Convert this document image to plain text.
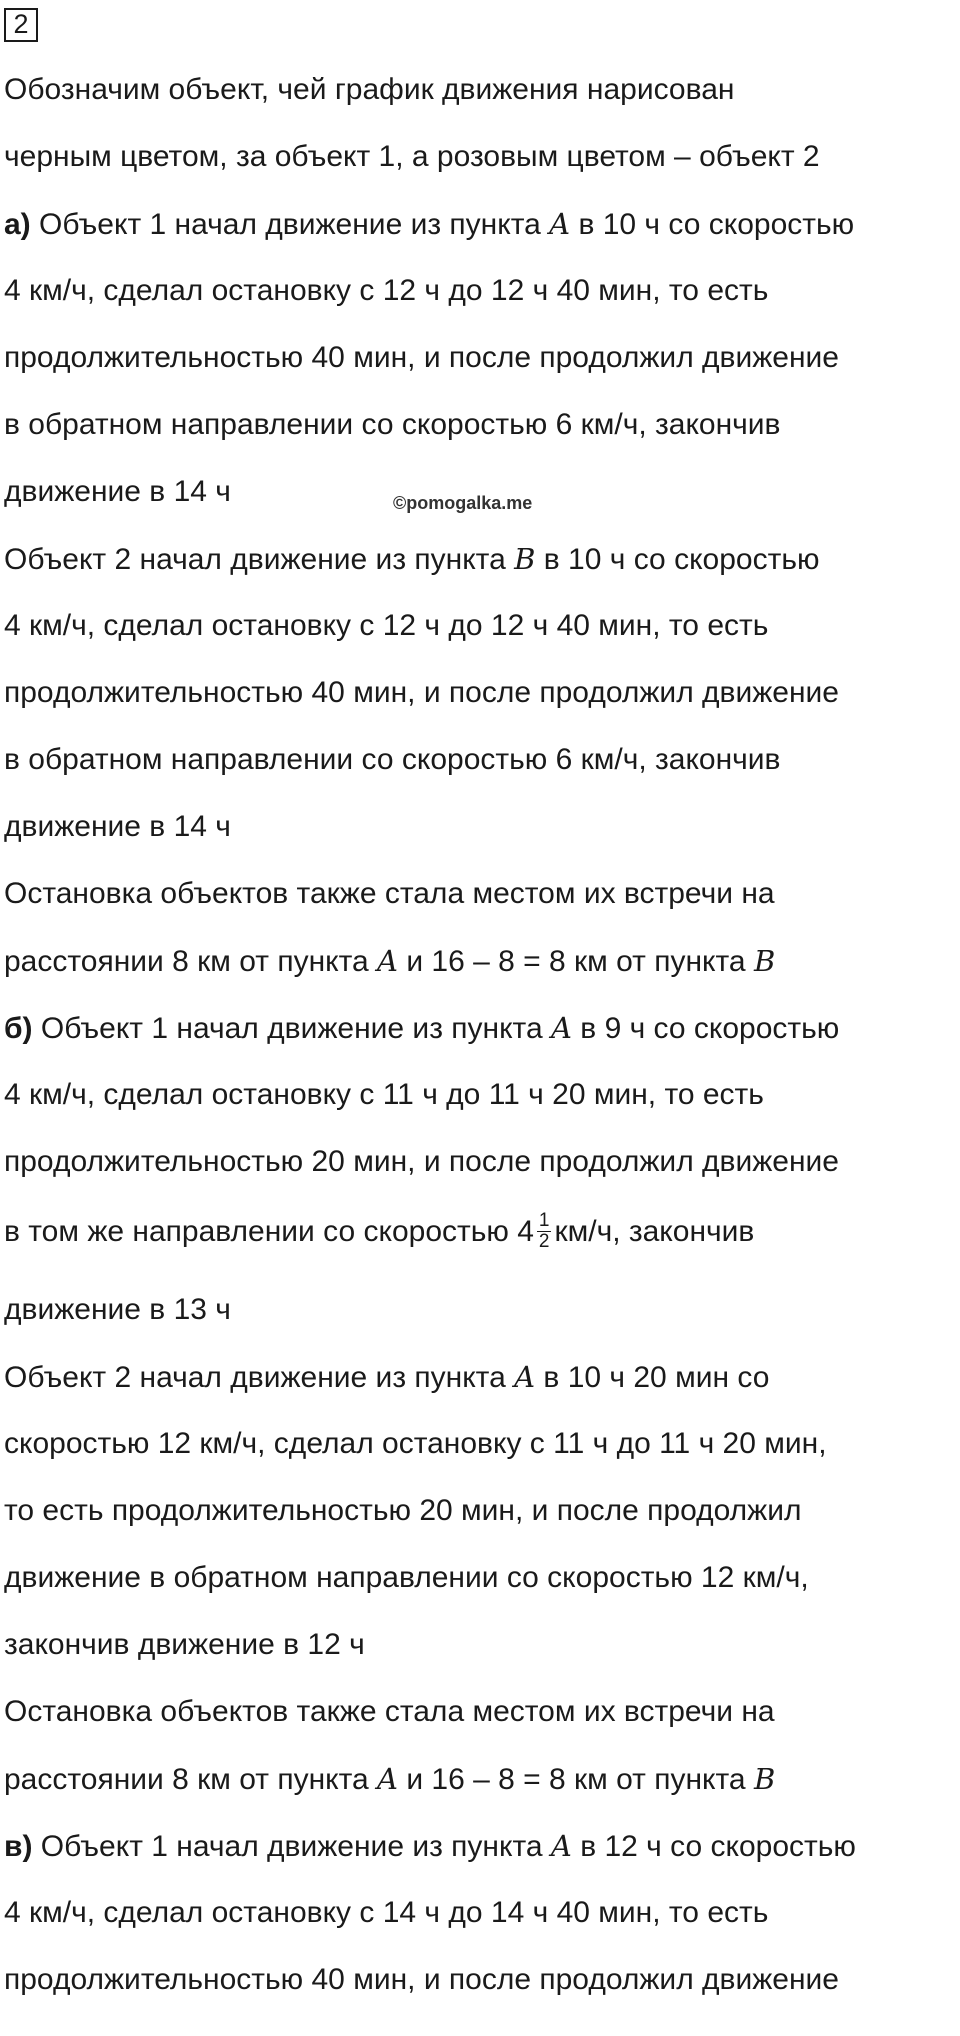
2
Обозначим объект, чей график движения нарисован
черным цветом, за объект 1, а розовым цветом – объект 2
а) Объект 1 начал движение из пункта A в 10 ч со скоростью
4 км/ч, сделал остановку с 12 ч до 12 ч 40 мин, то есть
продолжительностью 40 мин, и после продолжил движение
в обратном направлении со скоростью 6 км/ч, закончив
движение в 14 ч	©pomogalka.me
Объект 2 начал движение из пункта B в 10 ч со скоростью
4 км/ч, сделал остановку с 12 ч до 12 ч 40 мин, то есть
продолжительностью 40 мин, и после продолжил движение
в обратном направлении со скоростью 6 км/ч, закончив
движение в 14 ч
Остановка объектов также стала местом их встречи на
расстоянии 8 км от пункта A и 16 – 8 = 8 км от пункта B
б) Объект 1 начал движение из пункта A в 9 ч со скоростью
4 км/ч, сделал остановку с 11 ч до 11 ч 20 мин, то есть
продолжительностью 20 мин, и после продолжил движение
в том же направлении со скоростью $4 \frac{1}{2} км/ч$, закончив
движение в 13 ч
Объект 2 начал движение из пункта A в 10 ч 20 мин со
скоростью 12 км/ч, сделал остановку с 11 ч до 11 ч 20 мин,
то есть продолжительностью 20 мин, и после продолжил
движение в обратном направлении со скоростью 12 км/ч,
закончив движение в 12 ч
Остановка объектов также стала местом их встречи на
расстоянии 8 км от пункта A и 16 – 8 = 8 км от пункта B
в) Объект 1 начал движение из пункта A в 12 ч со скоростью
4 км/ч, сделал остановку с 14 ч до 14 ч 40 мин, то есть
продолжительностью 40 мин, и после продолжил движение
